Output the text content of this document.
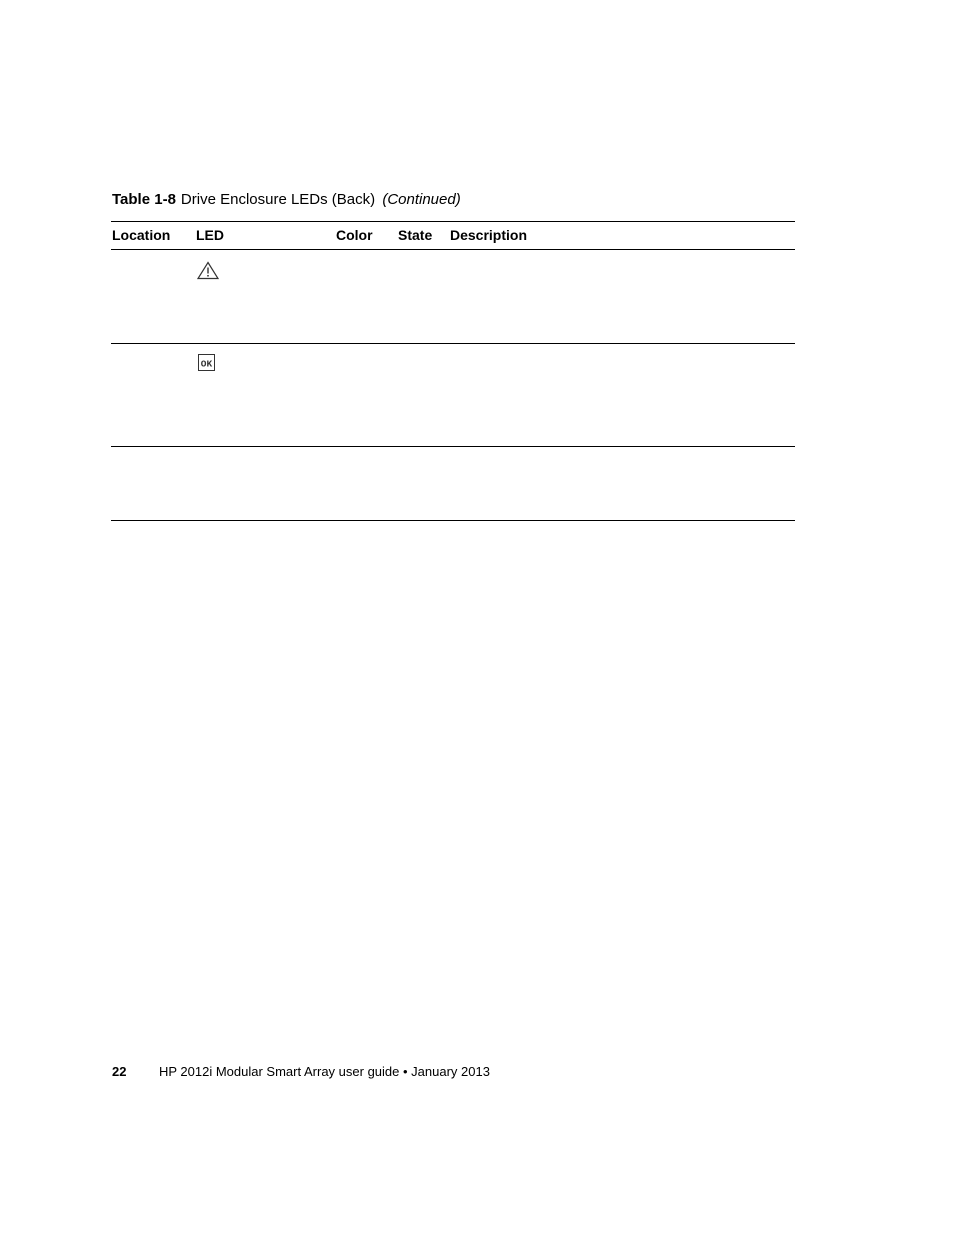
Table 1-8 Drive Enclosure LEDs (Back) (Continued)
Location LED	Color State Description
OK
22	HP 2012i Modular Smart Array user guide • January 2013
